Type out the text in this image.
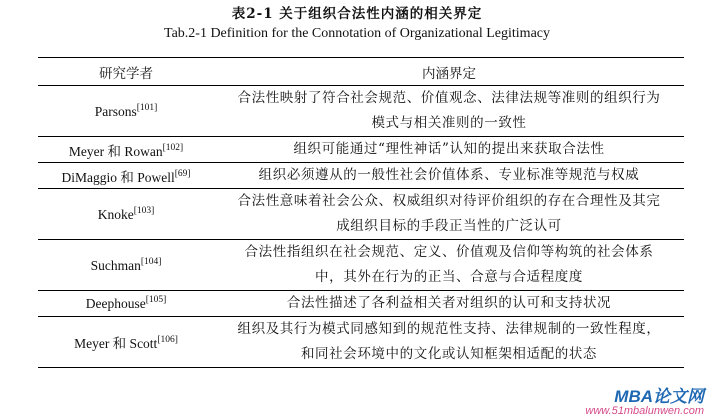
表2-1 关于组织合法性内涵的相关界定
Tab.2-1 Definition for the Connotation of Organizational Legitimacy
研究学者	内涵界定
Parsons[101]	合法性映射了符合社会规范、价值观念、法律法规等准则的组织行为
模式与相关准则的一致性

Meyer 和 Rowan[102]	组织可能通过“理性神话”认知的提出来获取合法性

DiMaggio 和 Powell[69]	组织必须遵从的一般性社会价值体系、专业标准等规范与权威

Knoke[103]	合法性意味着社会公众、权威组织对待评价组织的存在合理性及其完
成组织目标的手段正当性的广泛认可

Suchman[104]	合法性指组织在社会规范、定义、价值观及信仰等构筑的社会体系
中，其外在行为的正当、合意与合适程度度

Deephouse[105]	合法性描述了各利益相关者对组织的认可和支持状况

Meyer 和 Scott[106]	组织及其行为模式同感知到的规范性支持、法律规制的一致性程度，
和同社会环境中的文化或认知框架相适配的状态
MBA论文网
www.51mbalunwen.com
